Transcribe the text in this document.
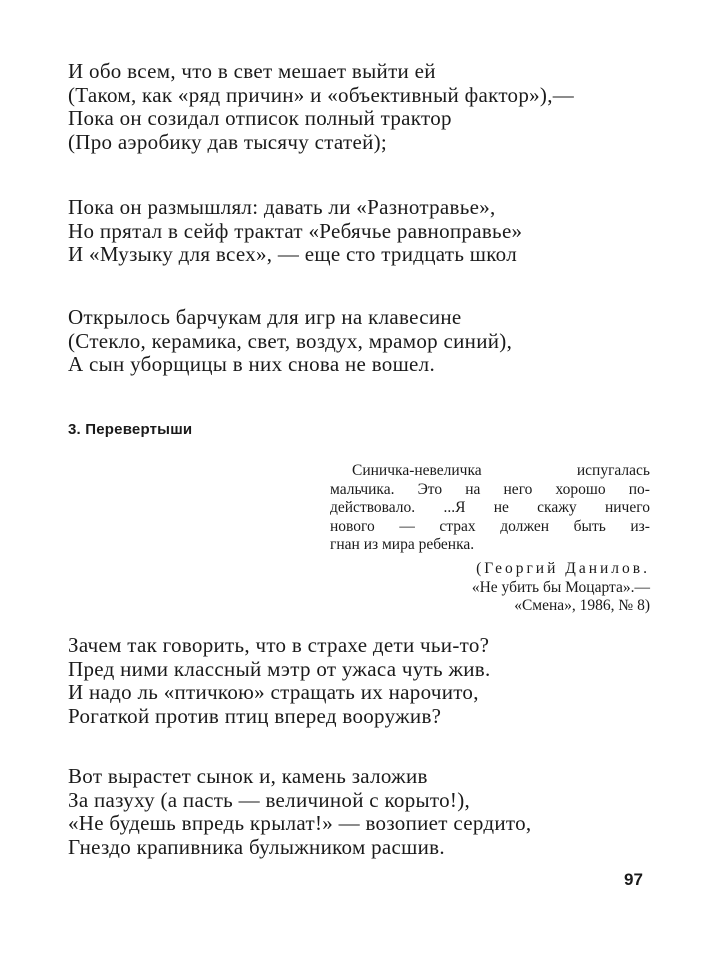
И обо всем, что в свет мешает выйти ей
(Таком, как «ряд причин» и «объективный фактор»),—
Пока он созидал отписок полный трактор
(Про аэробику дав тысячу статей);
Пока он размышлял: давать ли «Разнотравье»,
Но прятал в сейф трактат «Ребячье равноправье»
И «Музыку для всех», — еще сто тридцать школ
Открылось барчукам для игр на клавесине
(Стекло, керамика, свет, воздух, мрамор синий),
А сын уборщицы в них снова не вошел.
3. Перевертыши
Синичка-невеличка	испугалась
мальчика. Это на него хорошо по-
действовало. ...Я не скажу ничего
нового — страх должен быть из-
гнан из мира ребенка.
(Георгий Данилов.
«Не убить бы Моцарта».—
«Смена», 1986, № 8)
Зачем так говорить, что в страхе дети чьи-то?
Пред ними классный мэтр от ужаса чуть жив.
И надо ль «птичкою» стращать их нарочито,
Рогаткой против птиц вперед вооружив?
Вот вырастет сынок и, камень заложив
За пазуху (а пасть — величиной с корыто!),
«Не будешь впредь крылат!» — возопиет сердито,
Гнездо крапивника булыжником расшив.
97
